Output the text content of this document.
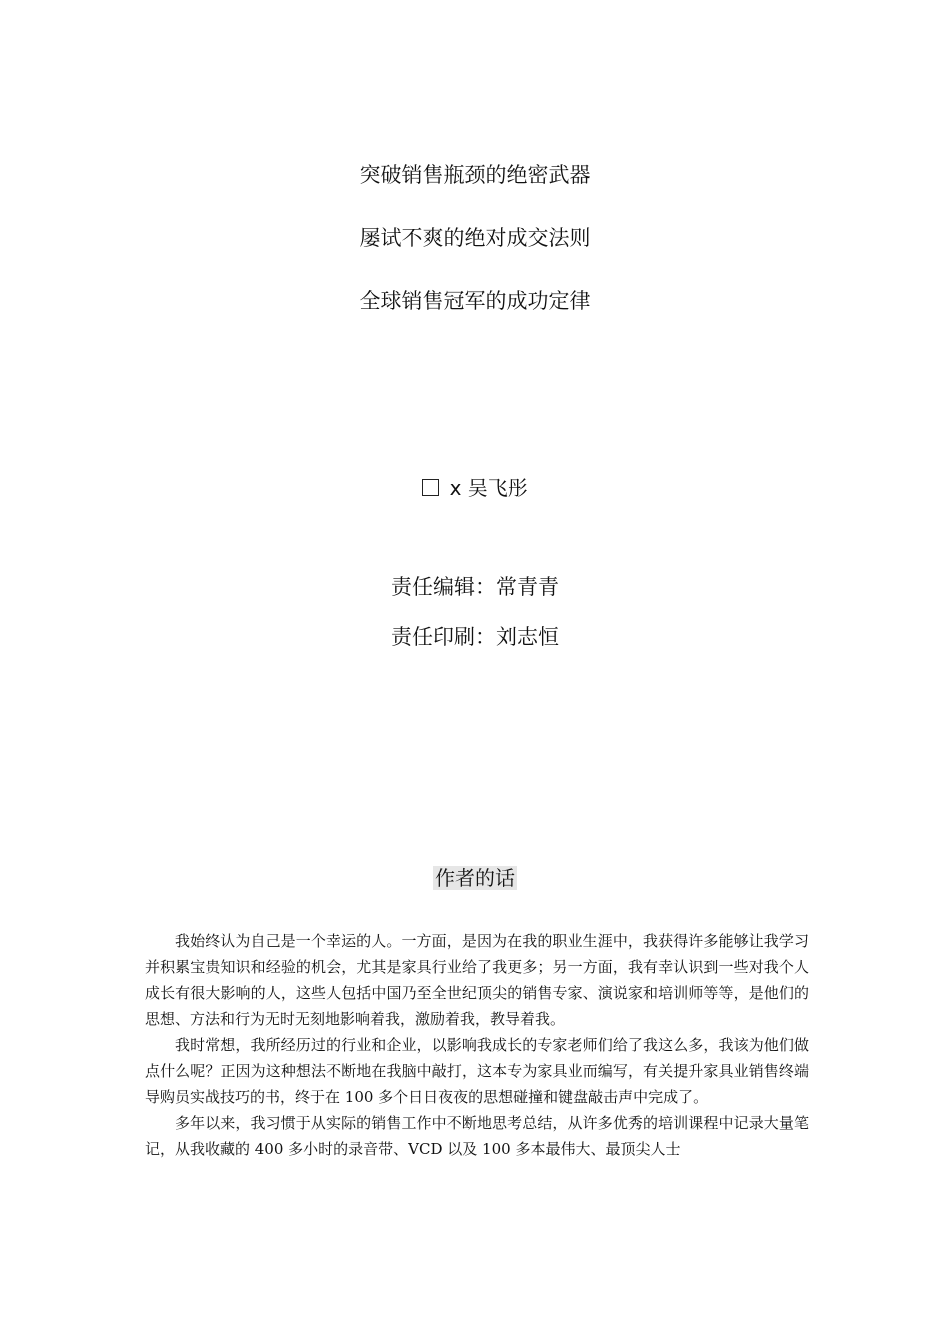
突破销售瓶颈的绝密武器
屡试不爽的绝对成交法则
全球销售冠军的成功定律
x 吴飞彤
责任编辑：常青青
责任印刷：刘志恒
作者的话

我始终认为自己是一个幸运的人。一方面，是因为在我的职业生涯中，我获得许多能够让我学习并积累宝贵知识和经验的机会，尤其是家具行业给了我更多；另一方面，我有幸认识到一些对我个人成长有很大影响的人，这些人包括中国乃至全世纪顶尖的销售专家、演说家和培训师等等，是他们的思想、方法和行为无时无刻地影响着我，激励着我，教导着我。

我时常想，我所经历过的行业和企业，以影响我成长的专家老师们给了我这么多，我该为他们做点什么呢？正因为这种想法不断地在我脑中敲打，这本专为家具业而编写，有关提升家具业销售终端导购员实战技巧的书，终于在 100 多个日日夜夜的思想碰撞和键盘敲击声中完成了。

多年以来，我习惯于从实际的销售工作中不断地思考总结，从许多优秀的培训课程中记录大量笔记，从我收藏的 400 多小时的录音带、VCD 以及 100 多本最伟大、最顶尖人士
